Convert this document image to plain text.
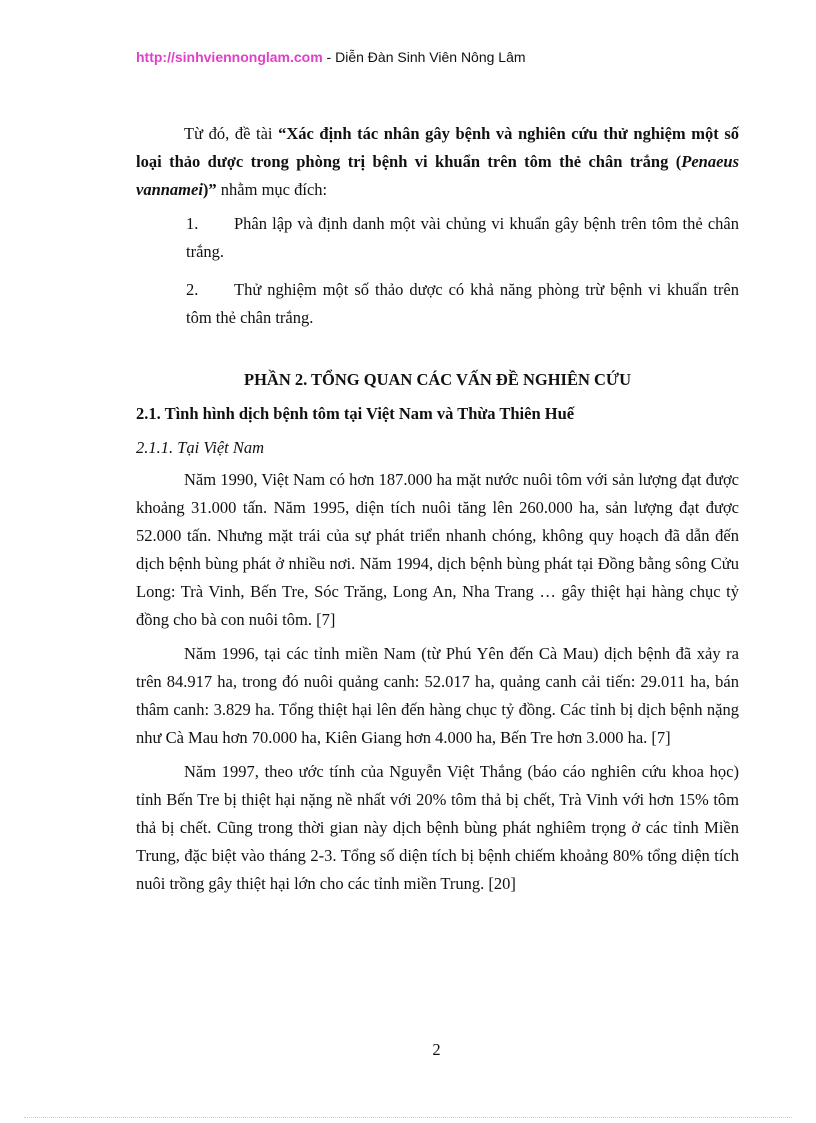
http://sinhviennonglam.com - Diễn Đàn Sinh Viên Nông Lâm

Từ đó, đề tài “Xác định tác nhân gây bệnh và nghiên cứu thử nghiệm một số loại thảo dược trong phòng trị bệnh vi khuẩn trên tôm thẻ chân trắng (Penaeus vannamei)” nhằm mục đích:

1. Phân lập và định danh một vài chủng vi khuẩn gây bệnh trên tôm thẻ chân trắng.
2. Thử nghiệm một số thảo dược có khả năng phòng trừ bệnh vi khuẩn trên tôm thẻ chân trắng.
PHẦN 2. TỔNG QUAN CÁC VẤN ĐỀ NGHIÊN CỨU
2.1. Tình hình dịch bệnh tôm tại Việt Nam và Thừa Thiên Huế
2.1.1. Tại Việt Nam

Năm 1990, Việt Nam có hơn 187.000 ha mặt nước nuôi tôm với sản lượng đạt được khoảng 31.000 tấn. Năm 1995, diện tích nuôi tăng lên 260.000 ha, sản lượng đạt được 52.000 tấn. Nhưng mặt trái của sự phát triển nhanh chóng, không quy hoạch đã dẫn đến dịch bệnh bùng phát ở nhiều nơi. Năm 1994, dịch bệnh bùng phát tại Đồng bằng sông Cửu Long: Trà Vinh, Bến Tre, Sóc Trăng, Long An, Nha Trang … gây thiệt hại hàng chục tỷ đồng cho bà con nuôi tôm. [7]

Năm 1996, tại các tỉnh miền Nam (từ Phú Yên đến Cà Mau) dịch bệnh đã xảy ra trên 84.917 ha, trong đó nuôi quảng canh: 52.017 ha, quảng canh cải tiến: 29.011 ha, bán thâm canh: 3.829 ha. Tổng thiệt hại lên đến hàng chục tỷ đồng. Các tỉnh bị dịch bệnh nặng như Cà Mau hơn 70.000 ha, Kiên Giang hơn 4.000 ha, Bến Tre hơn 3.000 ha. [7]

Năm 1997, theo ước tính của Nguyễn Việt Thắng (báo cáo nghiên cứu khoa học) tỉnh Bến Tre bị thiệt hại nặng nề nhất với 20% tôm thả bị chết, Trà Vinh với hơn 15% tôm thả bị chết. Cũng trong thời gian này dịch bệnh bùng phát nghiêm trọng ở các tỉnh Miền Trung, đặc biệt vào tháng 2-3. Tổng số diện tích bị bệnh chiếm khoảng 80% tổng diện tích nuôi trồng gây thiệt hại lớn cho các tỉnh miền Trung. [20]

2
